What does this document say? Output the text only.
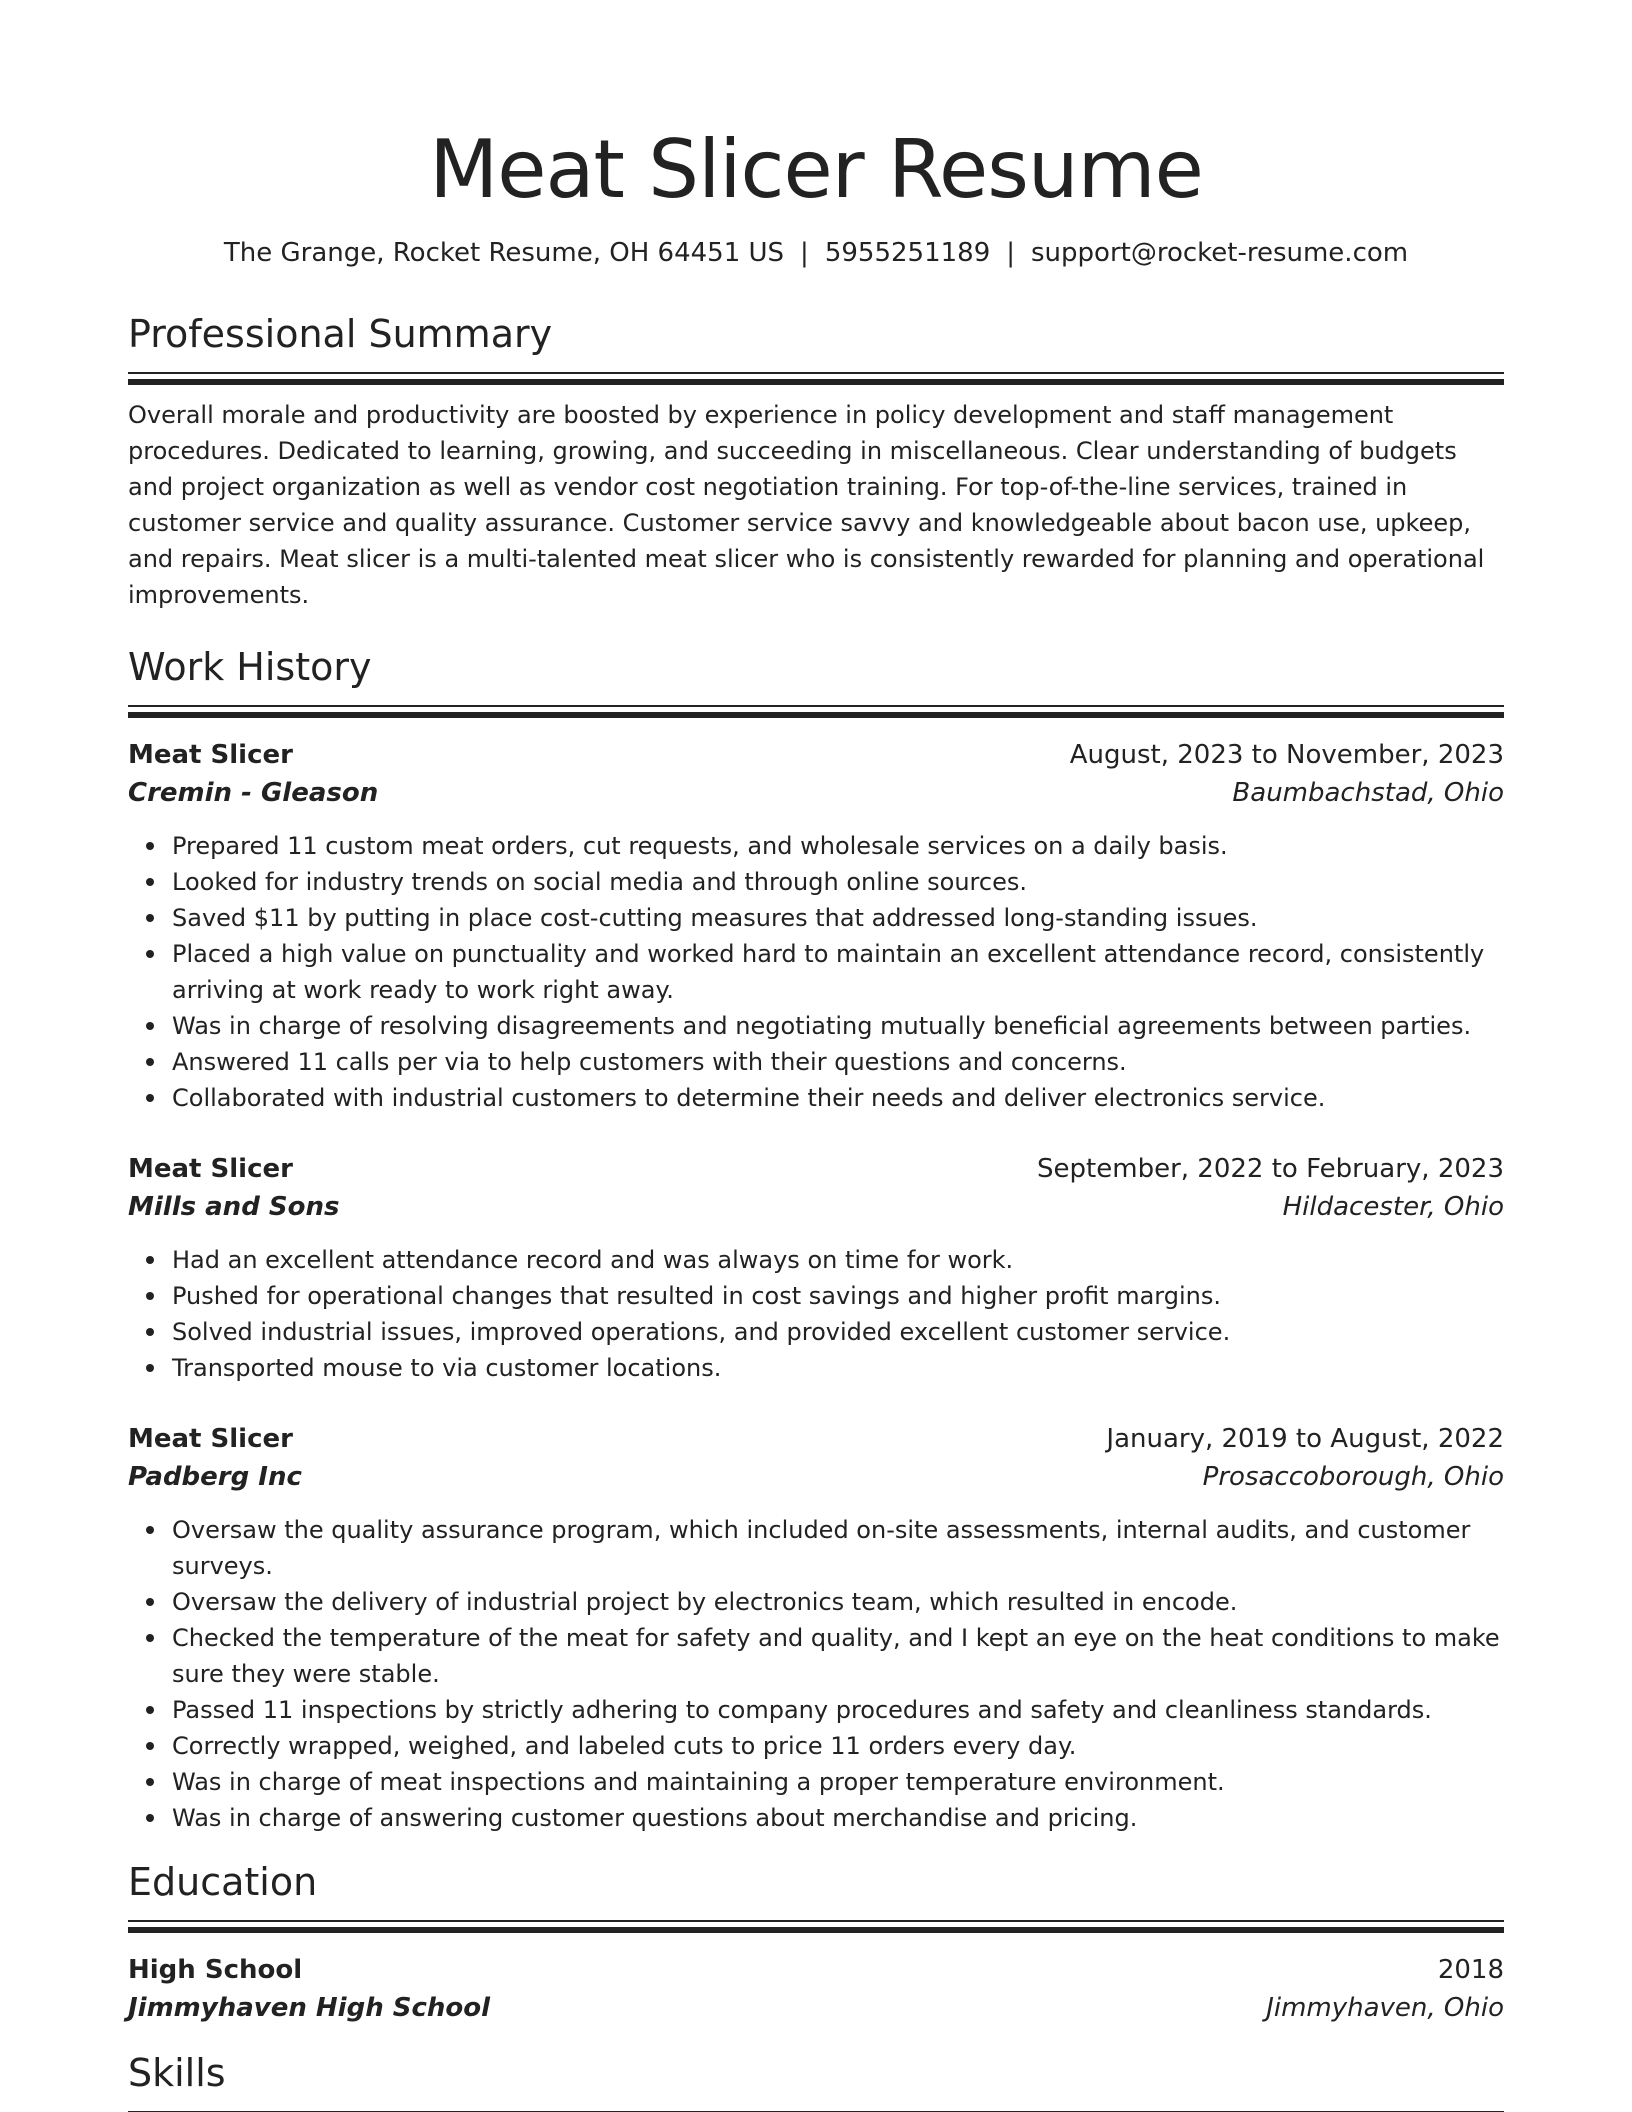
Meat Slicer Resume
The Grange, Rocket Resume, OH 64451 US | 5955251189 | support@rocket-resume.com
Professional Summary

Overall morale and productivity are boosted by experience in policy development and staff management procedures. Dedicated to learning, growing, and succeeding in miscellaneous. Clear understanding of budgets and project organization as well as vendor cost negotiation training. For top-of-the-line services, trained in customer service and quality assurance. Customer service savvy and knowledgeable about bacon use, upkeep, and repairs. Meat slicer is a multi-talented meat slicer who is consistently rewarded for planning and operational improvements.

Work History
Meat Slicer	August, 2023 to November, 2023
Cremin - Gleason	Baumbachstad, Ohio
Prepared 11 custom meat orders, cut requests, and wholesale services on a daily basis.
Looked for industry trends on social media and through online sources.
Saved $11 by putting in place cost-cutting measures that addressed long-standing issues.
Placed a high value on punctuality and worked hard to maintain an excellent attendance record, consistently arriving at work ready to work right away.
Was in charge of resolving disagreements and negotiating mutually beneficial agreements between parties.
Answered 11 calls per via to help customers with their questions and concerns.
Collaborated with industrial customers to determine their needs and deliver electronics service.
Meat Slicer	September, 2022 to February, 2023
Mills and Sons	Hildacester, Ohio
Had an excellent attendance record and was always on time for work.
Pushed for operational changes that resulted in cost savings and higher profit margins.
Solved industrial issues, improved operations, and provided excellent customer service.
Transported mouse to via customer locations.
Meat Slicer	January, 2019 to August, 2022
Padberg Inc	Prosaccoborough, Ohio
Oversaw the quality assurance program, which included on-site assessments, internal audits, and customer surveys.
Oversaw the delivery of industrial project by electronics team, which resulted in encode.
Checked the temperature of the meat for safety and quality, and I kept an eye on the heat conditions to make sure they were stable.
Passed 11 inspections by strictly adhering to company procedures and safety and cleanliness standards.
Correctly wrapped, weighed, and labeled cuts to price 11 orders every day.
Was in charge of meat inspections and maintaining a proper temperature environment.
Was in charge of answering customer questions about merchandise and pricing.
Education
High School	2018
Jimmyhaven High School	Jimmyhaven, Ohio
Skills
